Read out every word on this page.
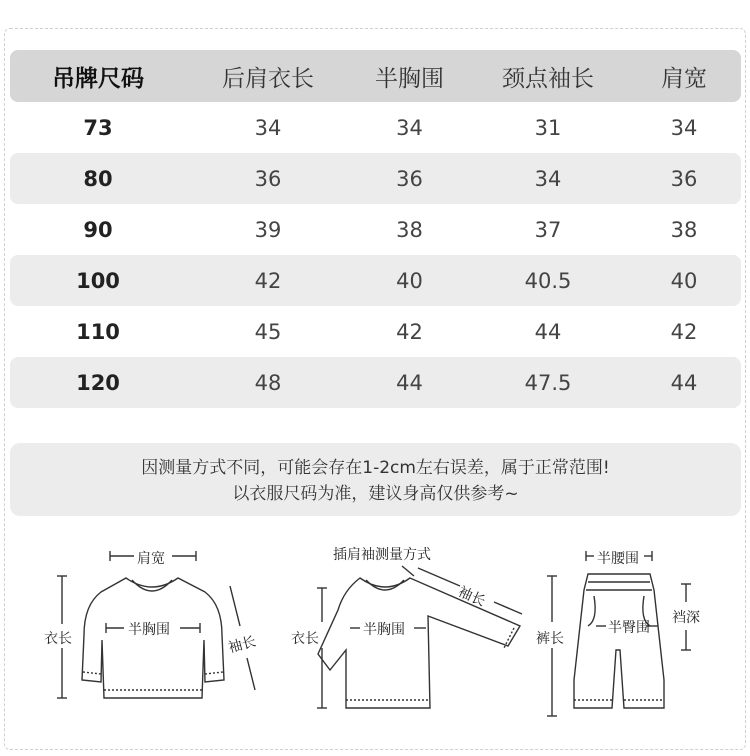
吊牌尺码	后肩衣长	半胸围	颈点袖长	肩宽
73	34	34	31	34
80	36	36	34	36
90	39	38	37	38
100	42	40	40.5	40
110	45	42	44	42
120	48	44	47.5	44
因测量方式不同，可能会存在1-2cm左右误差，属于正常范围!
以衣服尺码为准，建议身高仅供参考~
肩宽
半胸围
衣长	袖长
插肩袖测量方式
袖长
半胸围
衣长
半腰围
半臀围
裆深
裤长
